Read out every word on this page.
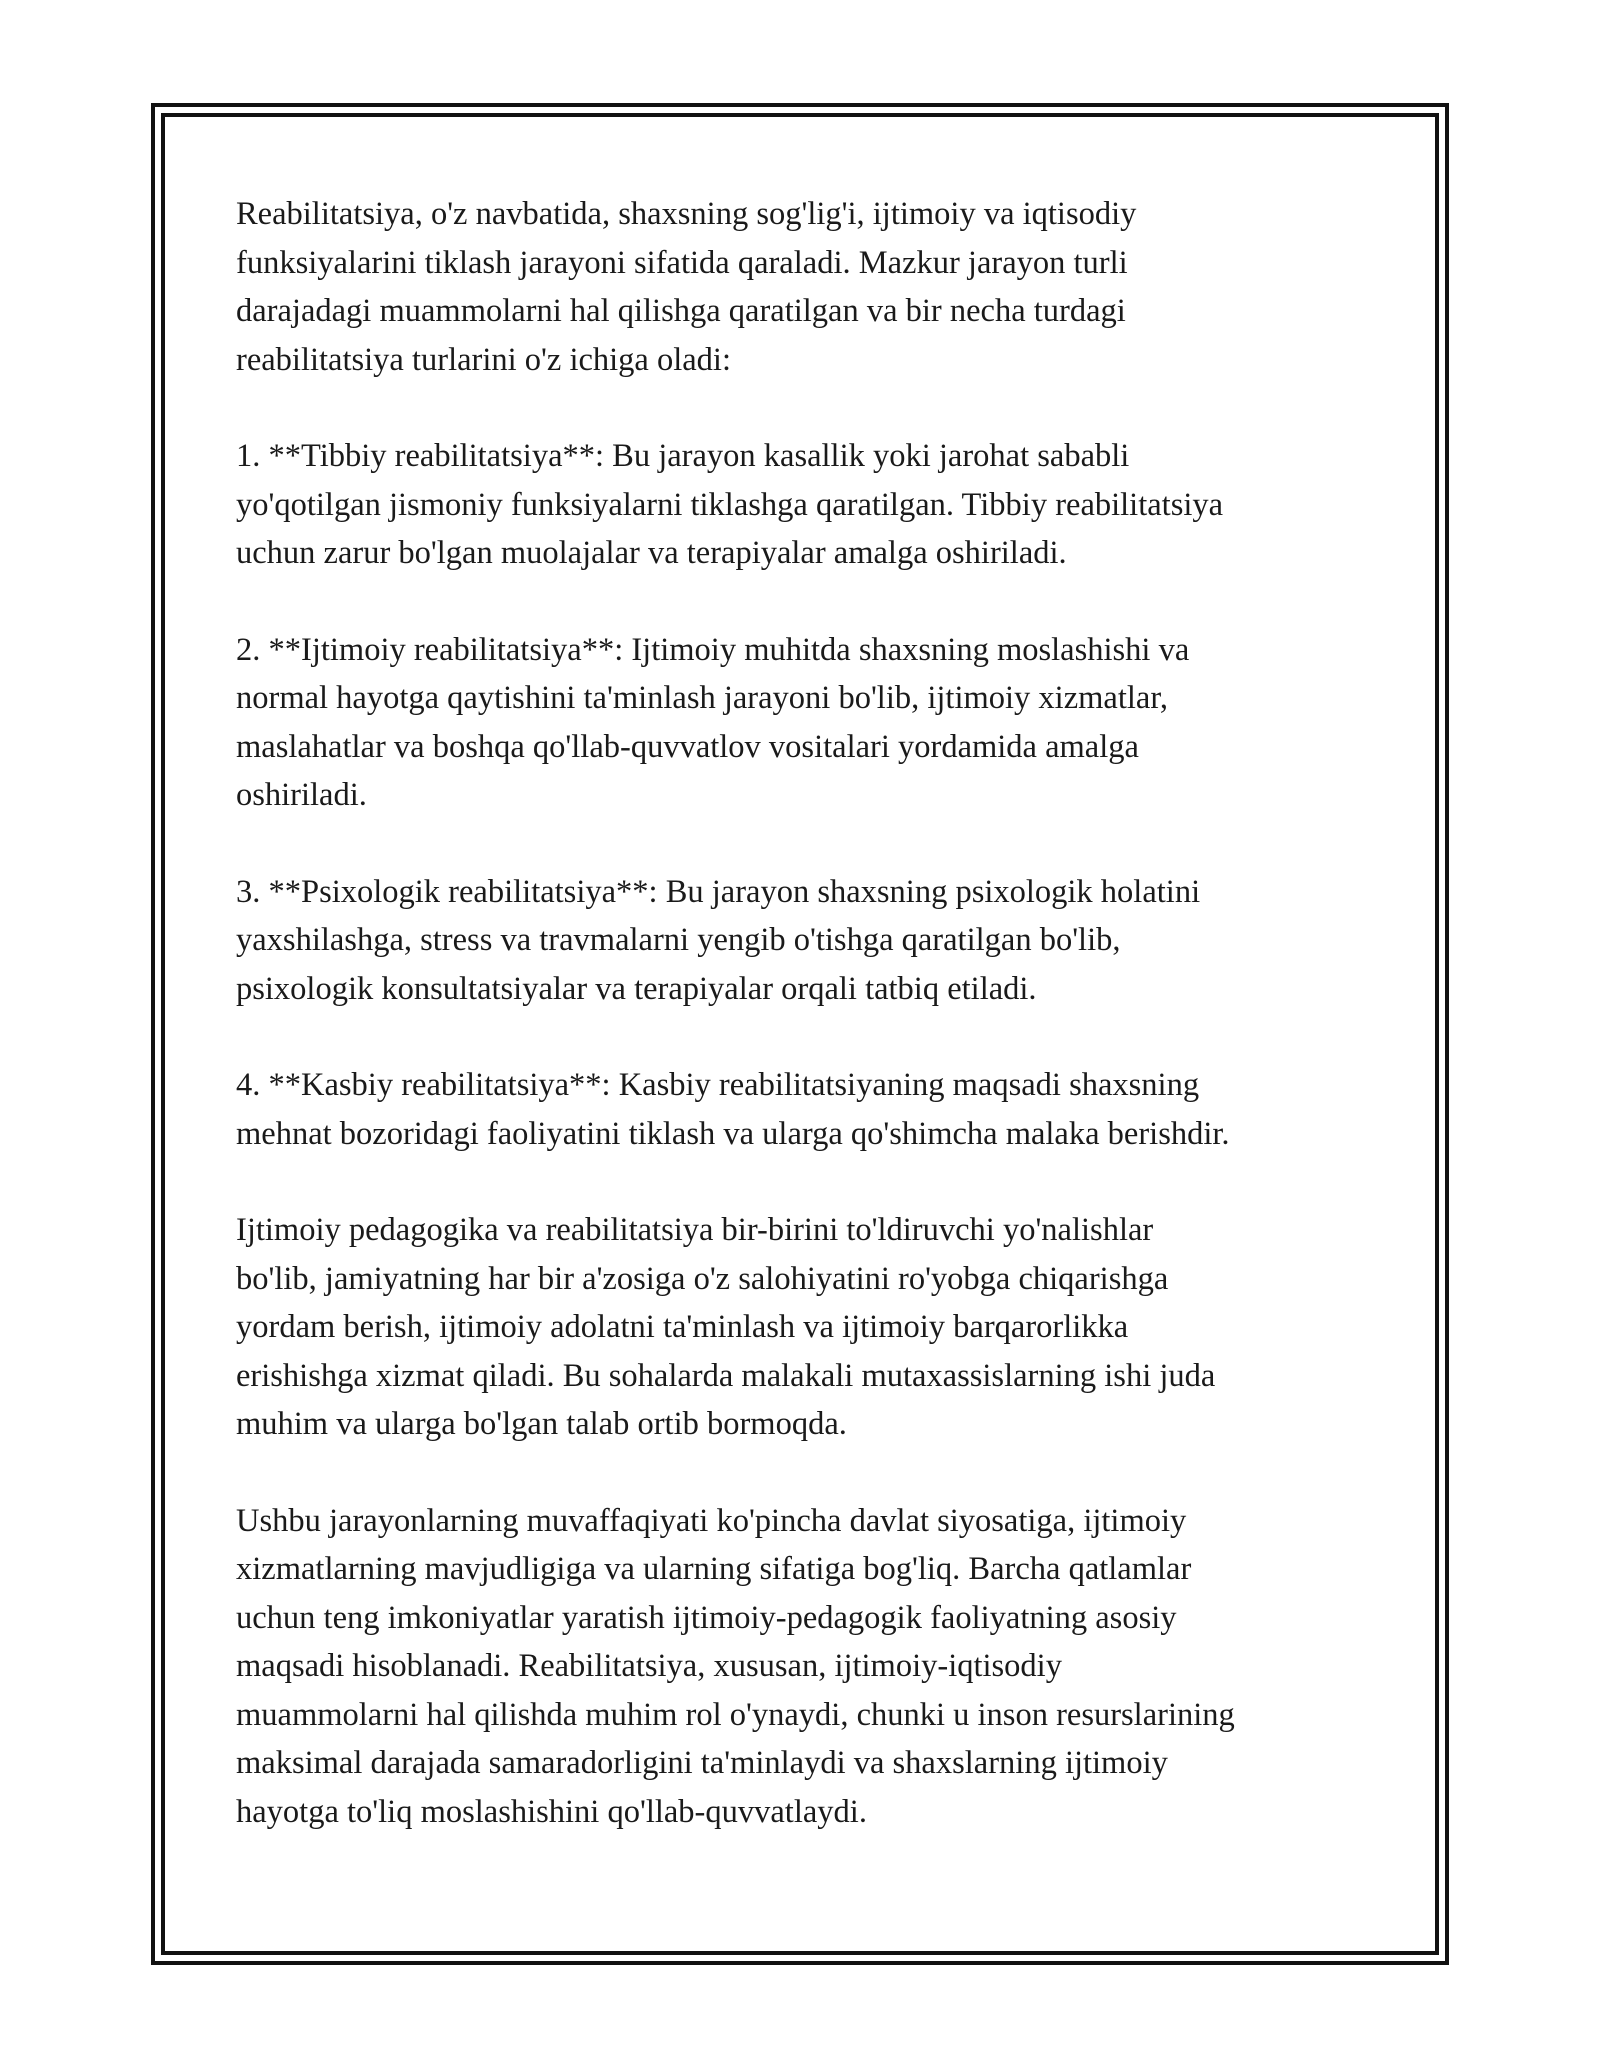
Reabilitatsiya, o'z navbatida, shaxsning sog'lig'i, ijtimoiy va iqtisodiy
funksiyalarini tiklash jarayoni sifatida qaraladi. Mazkur jarayon turli
darajadagi muammolarni hal qilishga qaratilgan va bir necha turdagi
reabilitatsiya turlarini o'z ichiga oladi:

1. **Tibbiy reabilitatsiya**: Bu jarayon kasallik yoki jarohat sababli
yo'qotilgan jismoniy funksiyalarni tiklashga qaratilgan. Tibbiy reabilitatsiya
uchun zarur bo'lgan muolajalar va terapiyalar amalga oshiriladi.

2. **Ijtimoiy reabilitatsiya**: Ijtimoiy muhitda shaxsning moslashishi va
normal hayotga qaytishini ta'minlash jarayoni bo'lib, ijtimoiy xizmatlar,
maslahatlar va boshqa qo'llab-quvvatlov vositalari yordamida amalga
oshiriladi.

3. **Psixologik reabilitatsiya**: Bu jarayon shaxsning psixologik holatini
yaxshilashga, stress va travmalarni yengib o'tishga qaratilgan bo'lib,
psixologik konsultatsiyalar va terapiyalar orqali tatbiq etiladi.

4. **Kasbiy reabilitatsiya**: Kasbiy reabilitatsiyaning maqsadi shaxsning
mehnat bozoridagi faoliyatini tiklash va ularga qo'shimcha malaka berishdir.

Ijtimoiy pedagogika va reabilitatsiya bir-birini to'ldiruvchi yo'nalishlar
bo'lib, jamiyatning har bir a'zosiga o'z salohiyatini ro'yobga chiqarishga
yordam berish, ijtimoiy adolatni ta'minlash va ijtimoiy barqarorlikka
erishishga xizmat qiladi. Bu sohalarda malakali mutaxassislarning ishi juda
muhim va ularga bo'lgan talab ortib bormoqda.

Ushbu jarayonlarning muvaffaqiyati ko'pincha davlat siyosatiga, ijtimoiy
xizmatlarning mavjudligiga va ularning sifatiga bog'liq. Barcha qatlamlar
uchun teng imkoniyatlar yaratish ijtimoiy-pedagogik faoliyatning asosiy
maqsadi hisoblanadi. Reabilitatsiya, xususan, ijtimoiy-iqtisodiy
muammolarni hal qilishda muhim rol o'ynaydi, chunki u inson resurslarining
maksimal darajada samaradorligini ta'minlaydi va shaxslarning ijtimoiy
hayotga to'liq moslashishini qo'llab-quvvatlaydi.
